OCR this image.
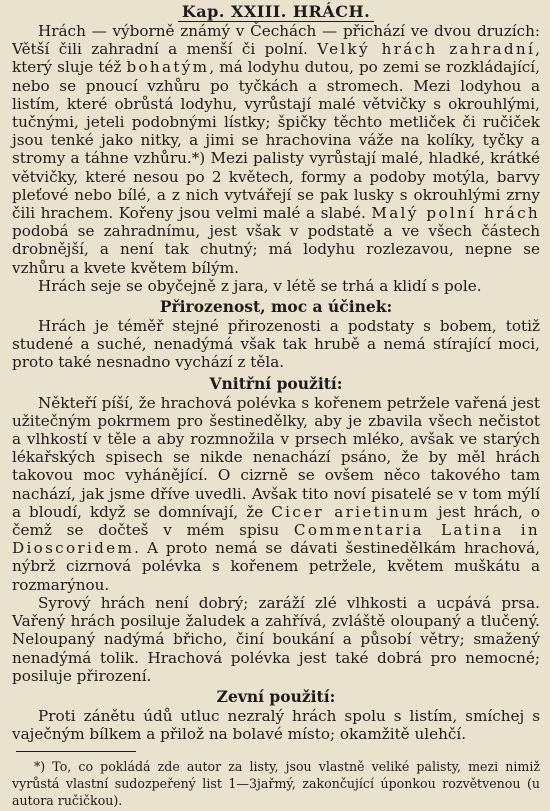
Kap. XXIII. HRÁCH.

Hrách — výborně známý v Čechách — přichází ve dvou druzích: Větší čili zahradní a menší či polní. Velký hrách zahradní, který sluje též bohatým, má lodyhu dutou, po zemi se rozkládající, nebo se pnoucí vzhůru po tyčkách a stromech. Mezi lodyhou a listím, které obrůstá lodyhu, vyrůstají malé větvičky s okrouhlými, tučnými, jeteli podobnými lístky; špičky těchto metliček či ručiček jsou tenké jako nitky, a jimi se hrachovina váže na kolíky, tyčky a stromy a táhne vzhůru.*) Mezi palisty vyrůstají malé, hladké, krátké větvičky, které nesou po 2 květech, formy a podoby motýla, barvy pleťové nebo bílé, a z nich vytvářejí se pak lusky s okrouhlými zrny čili hrachem. Kořeny jsou velmi malé a slabé. Malý polní hrách podobá se zahradnímu, jest však v podstatě a ve všech částech drobnější, a není tak chutný; má lodyhu rozlezavou, nepne se vzhůru a kvete květem bílým.

Hrách seje se obyčejně z jara, v létě se trhá a klidí s pole.

Přirozenost, moc a účinek:

Hrách je téměř stejné přirozenosti a podstaty s bobem, totiž studené a suché, nenadýmá však tak hrubě a nemá stírající moci, proto také nesnadno vychází z těla.

Vnitřní použití:

Někteří píší, že hrachová polévka s kořenem petržele vařená jest užitečným pokrmem pro šestinedělky, aby je zbavila všech nečistot a vlhkostí v těle a aby rozmnožila v prsech mléko, avšak ve starých lékařských spisech se nikde nenachází psáno, že by měl hrách takovou moc vyhánějící. O cizrně se ovšem něco takového tam nachází, jak jsme dříve uvedli. Avšak tito noví pisatelé se v tom mýlí a bloudí, když se domnívají, že Cicer arietinum jest hrách, o čemž se dočteš v mém spisu Commentaria Latina in Dioscoridem. A proto nemá se dávati šestinedělkám hrachová, nýbrž cizrnová polévka s kořenem petržele, květem muškátu a rozmarýnou.

Syrový hrách není dobrý; zaráží zlé vlhkosti a ucpává prsa. Vařený hrách posiluje žaludek a zahřívá, zvláště oloupaný a tlučený. Neloupaný nadýmá břicho, činí boukání a působí větry; smažený nenadýmá tolik. Hrachová polévka jest také dobrá pro nemocné; posiluje přirození.

Zevní použití:

Proti zánětu údů utluc nezralý hrách spolu s listím, smíchej s vaječným bílkem a přilož na bolavé místo; okamžitě ulehčí.

*) To, co pokládá zde autor za listy, jsou vlastně veliké palisty, mezi nimiž vyrůstá vlastní sudozpeřený list 1—3jařmý, zakončující úponkou rozvětvenou (u autora ručičkou).
